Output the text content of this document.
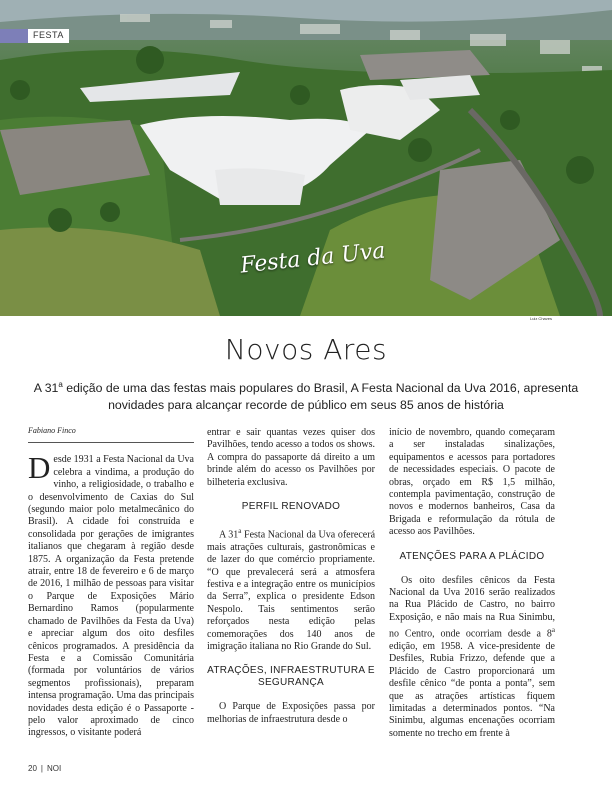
FESTA
Festa da Uva
Luiz Chaves
Novos Ares

A 31$^a$ edição de uma das festas mais populares do Brasil, A Festa Nacional da Uva 2016, apresenta novidades para alcançar recorde de público em seus 85 anos de história

Fabiano Finco

Desde 1931 a Festa Nacional da Uva celebra a vindima, a produção do vinho, a religiosidade, o trabalho e o desenvolvimento de Caxias do Sul (segundo maior polo metalmecânico do Brasil). A cidade foi construída e consolidada por gerações de imigrantes italianos que chegaram à região desde 1875. A organização da Festa pretende atrair, entre 18 de fevereiro e 6 de março de 2016, 1 milhão de pessoas para visitar o Parque de Exposições Mário Bernardino Ramos (popularmente chamado de Pavilhões da Festa da Uva) e apreciar algum dos oito desfiles cênicos programados. A presidência da Festa e a Comissão Comunitária (formada por voluntários de vários segmentos profissionais), preparam intensa programação. Uma das principais novidades desta edição é o Passaporte - pelo valor aproximado de cinco ingressos, o visitante poderá

entrar e sair quantas vezes quiser dos Pavilhões, tendo acesso a todos os shows. A compra do passaporte dá direito a um brinde além do acesso os Pavilhões por bilheteria exclusiva.

PERFIL RENOVADO

A 31$^a$ Festa Nacional da Uva oferecerá mais atrações culturais, gastronômicas e de lazer do que comércio propriamente. “O que prevalecerá será a atmosfera festiva e a integração entre os municípios da Serra”, explica o presidente Edson Nespolo. Tais sentimentos serão reforçados nesta edição pelas comemorações dos 140 anos de imigração italiana no Rio Grande do Sul.

ATRAÇÕES, INFRAESTRUTURA E SEGURANÇA

O Parque de Exposições passa por melhorias de infraestrutura desde o

início de novembro, quando começaram a ser instaladas sinalizações, equipamentos e acessos para portadores de necessidades especiais. O pacote de obras, orçado em R$ 1,5 milhão, contempla pavimentação, construção de novos e modernos banheiros, Casa da Brigada e reformulação da rótula de acesso aos Pavilhões.

ATENÇÕES PARA A PLÁCIDO

Os oito desfiles cênicos da Festa Nacional da Uva 2016 serão realizados na Rua Plácido de Castro, no bairro Exposição, e não mais na Rua Sinimbu, no Centro, onde ocorriam desde a 8$^a$ edição, em 1958. A vice-presidente de Desfiles, Rubia Frizzo, defende que a Plácido de Castro proporcionará um desfile cênico “de ponta a ponta”, sem que as atrações artísticas fiquem limitadas a determinados pontos. “Na Sinimbu, algumas encenações ocorriam somente no trecho em frente à

20 | NOI
